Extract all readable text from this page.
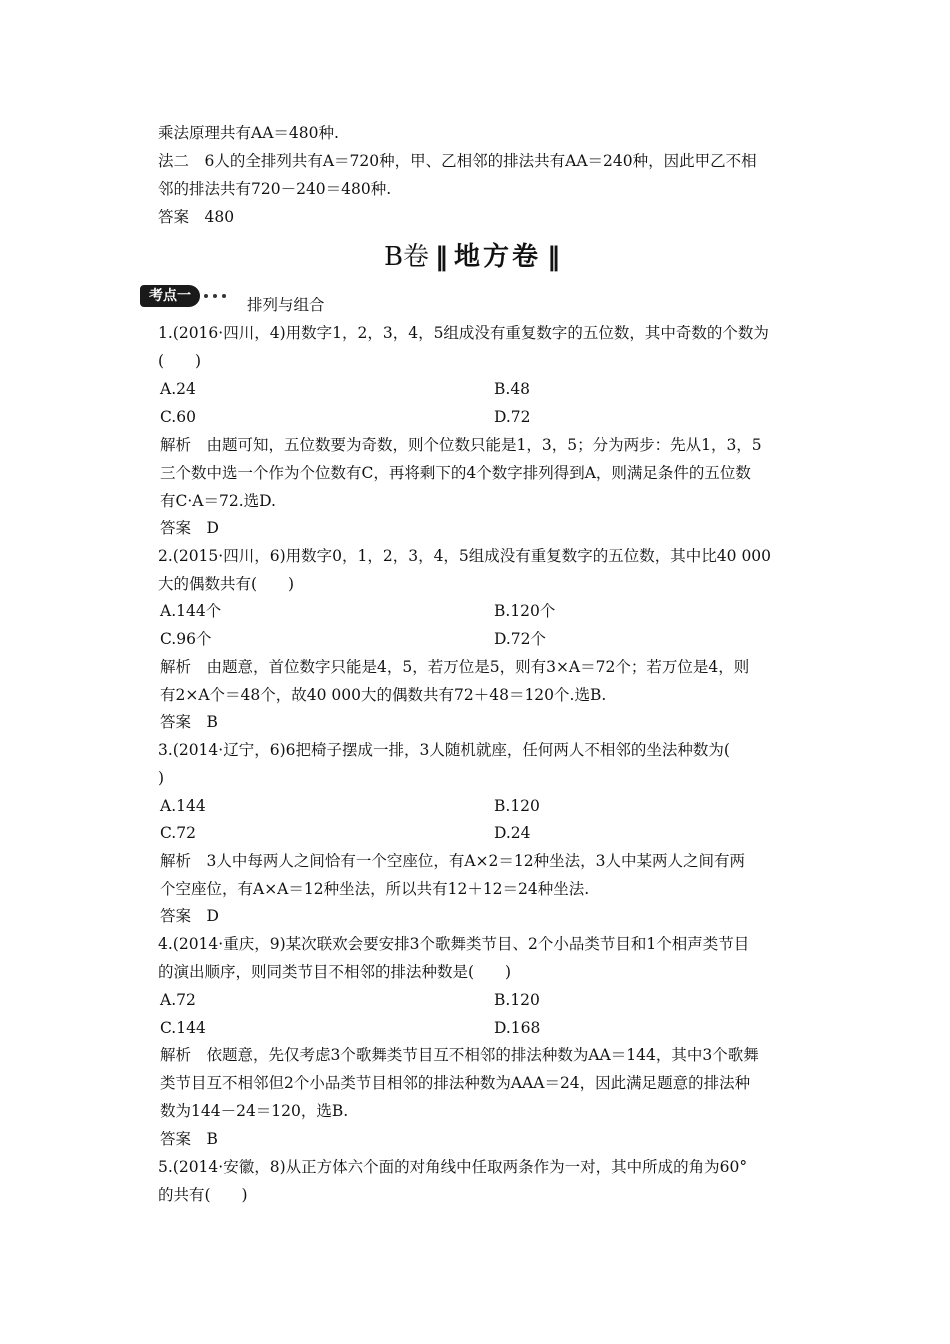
乘法原理共有AA＝480种.
法二　6人的全排列共有A＝720种，甲、乙相邻的排法共有AA＝240种，因此甲乙不相
邻的排法共有720－240＝480种.
答案　480
B卷 ‖ 地方卷 ‖
考点一	排列与组合
1.(2016·四川，4)用数字1，2，3，4，5组成没有重复数字的五位数，其中奇数的个数为
(　　)
A.24	B.48
C.60	D.72
解析　由题可知，五位数要为奇数，则个位数只能是1，3，5；分为两步：先从1，3，5
三个数中选一个作为个位数有C，再将剩下的4个数字排列得到A，则满足条件的五位数
有C·A＝72.选D.
答案　D
2.(2015·四川，6)用数字0，1，2，3，4，5组成没有重复数字的五位数，其中比40 000
大的偶数共有(　　)
A.144个	B.120个
C.96个	D.72个
解析　由题意，首位数字只能是4，5，若万位是5，则有3×A＝72个；若万位是4，则
有2×A个＝48个，故40 000大的偶数共有72＋48＝120个.选B.
答案　B
3.(2014·辽宁，6)6把椅子摆成一排，3人随机就座，任何两人不相邻的坐法种数为(
)
A.144	B.120
C.72	D.24
解析　3人中每两人之间恰有一个空座位，有A×2＝12种坐法，3人中某两人之间有两
个空座位，有A×A＝12种坐法，所以共有12＋12＝24种坐法.
答案　D
4.(2014·重庆，9)某次联欢会要安排3个歌舞类节目、2个小品类节目和1个相声类节目
的演出顺序，则同类节目不相邻的排法种数是(　　)
A.72	B.120
C.144	D.168
解析　依题意，先仅考虑3个歌舞类节目互不相邻的排法种数为AA＝144，其中3个歌舞
类节目互不相邻但2个小品类节目相邻的排法种数为AAA＝24，因此满足题意的排法种
数为144－24＝120，选B.
答案　B
5.(2014·安徽，8)从正方体六个面的对角线中任取两条作为一对，其中所成的角为60°
的共有(　　)
